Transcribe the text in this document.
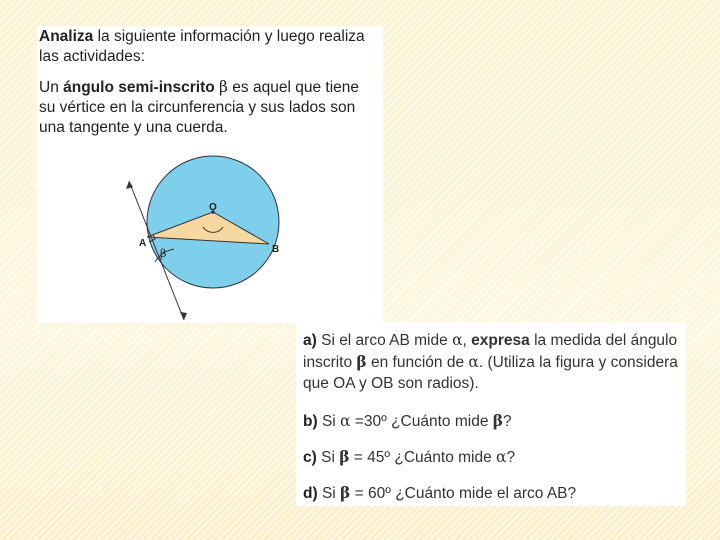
Analiza la siguiente información y luego realiza las actividades:
Un ángulo semi-inscrito β es aquel que tiene su vértice en la circunferencia y sus lados son una tangente y una cuerda.
O
A
B
β
a) Si el arco AB mide α, expresa la medida del ángulo inscrito β en función de α. (Utiliza la figura y considera que OA y OB son radios).
b) Si α =30º ¿Cuánto mide β?
c) Si β = 45º ¿Cuánto mide α?
d) Si β = 60º ¿Cuánto mide el arco AB?
